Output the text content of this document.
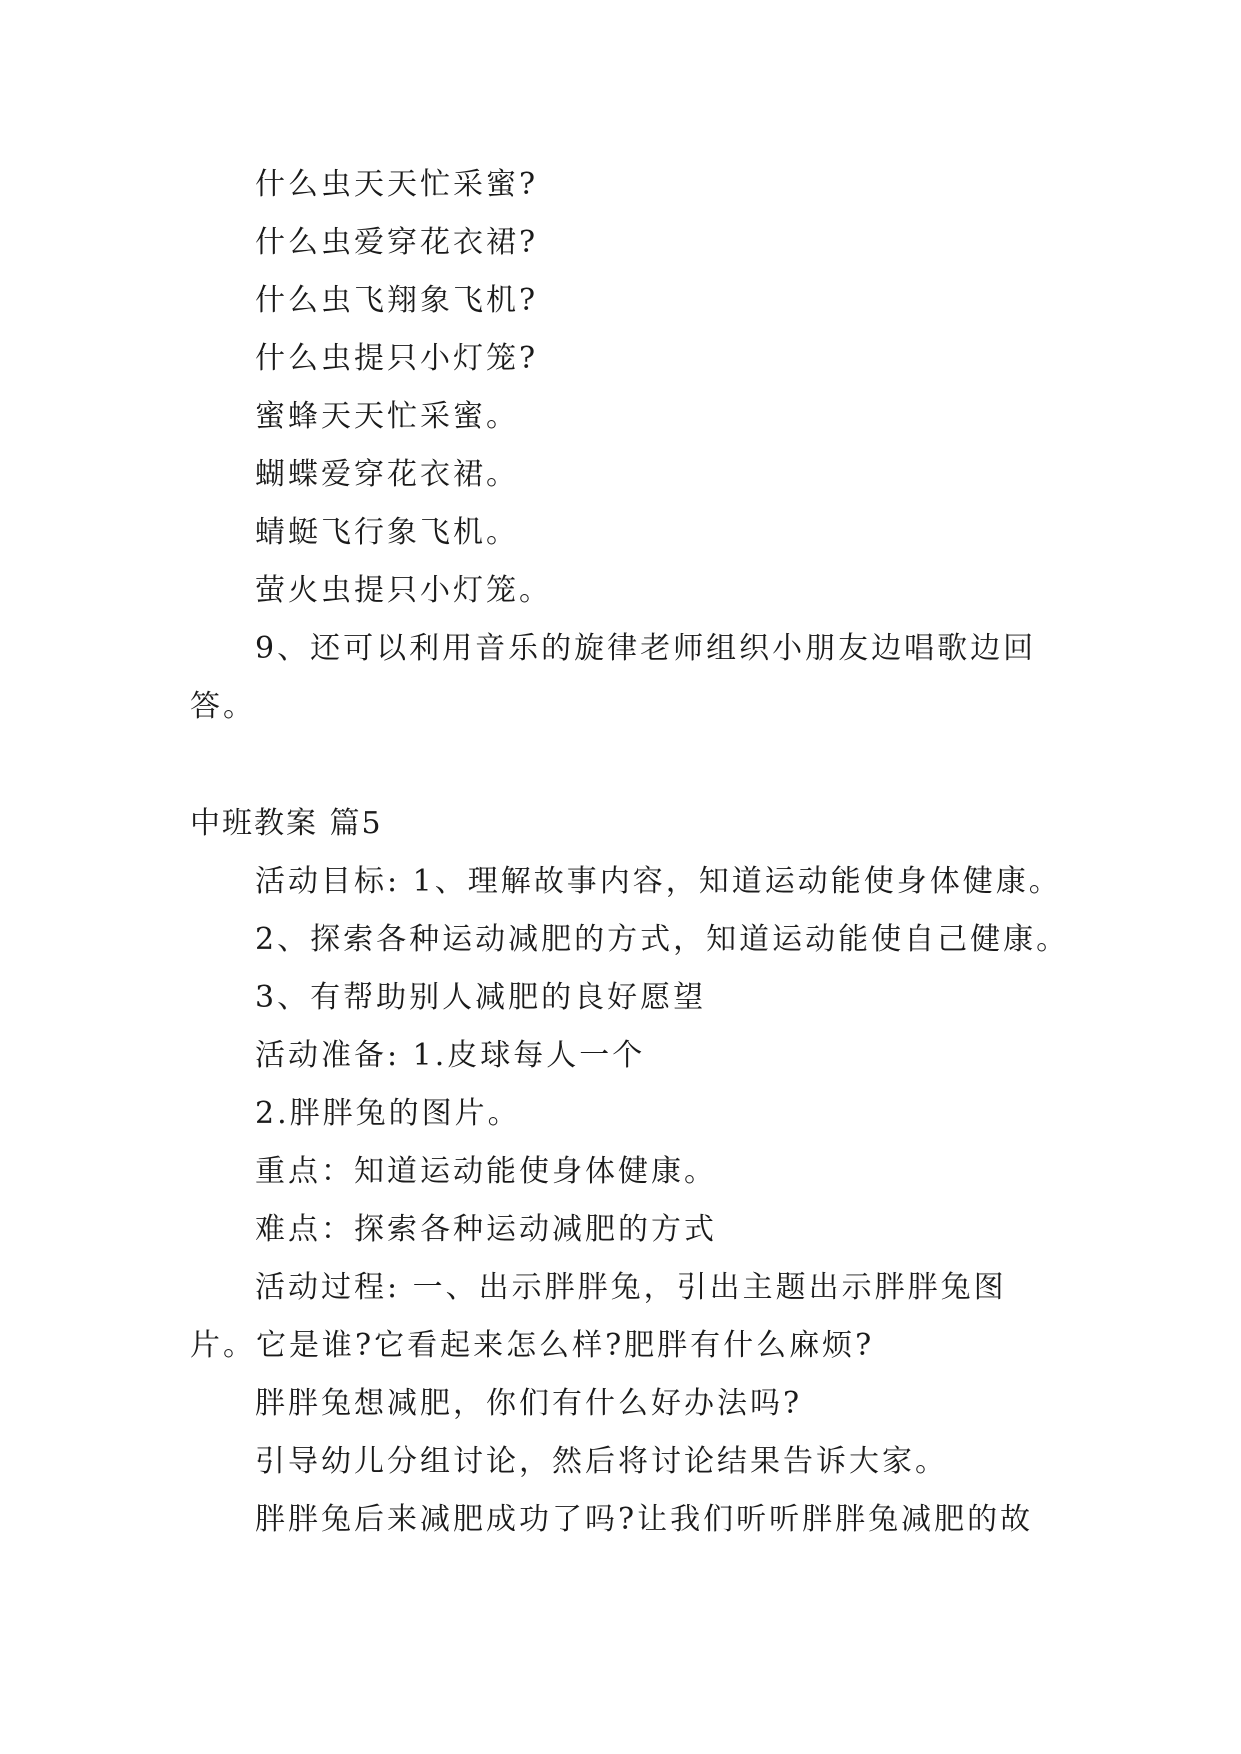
什么虫天天忙采蜜?
什么虫爱穿花衣裙?
什么虫飞翔象飞机?
什么虫提只小灯笼?
蜜蜂天天忙采蜜。
蝴蝶爱穿花衣裙。
蜻蜓飞行象飞机。
萤火虫提只小灯笼。
9、还可以利用音乐的旋律老师组织小朋友边唱歌边回
答。
中班教案 篇5
活动目标: 1、理解故事内容，知道运动能使身体健康。
2、探索各种运动减肥的方式，知道运动能使自己健康。
3、有帮助别人减肥的良好愿望
活动准备: 1.皮球每人一个
2.胖胖兔的图片。
重点：知道运动能使身体健康。
难点：探索各种运动减肥的方式
活动过程: 一、出示胖胖兔，引出主题出示胖胖兔图
片。它是谁?它看起来怎么样?肥胖有什么麻烦?
胖胖兔想减肥，你们有什么好办法吗?
引导幼儿分组讨论，然后将讨论结果告诉大家。
胖胖兔后来减肥成功了吗?让我们听听胖胖兔减肥的故
